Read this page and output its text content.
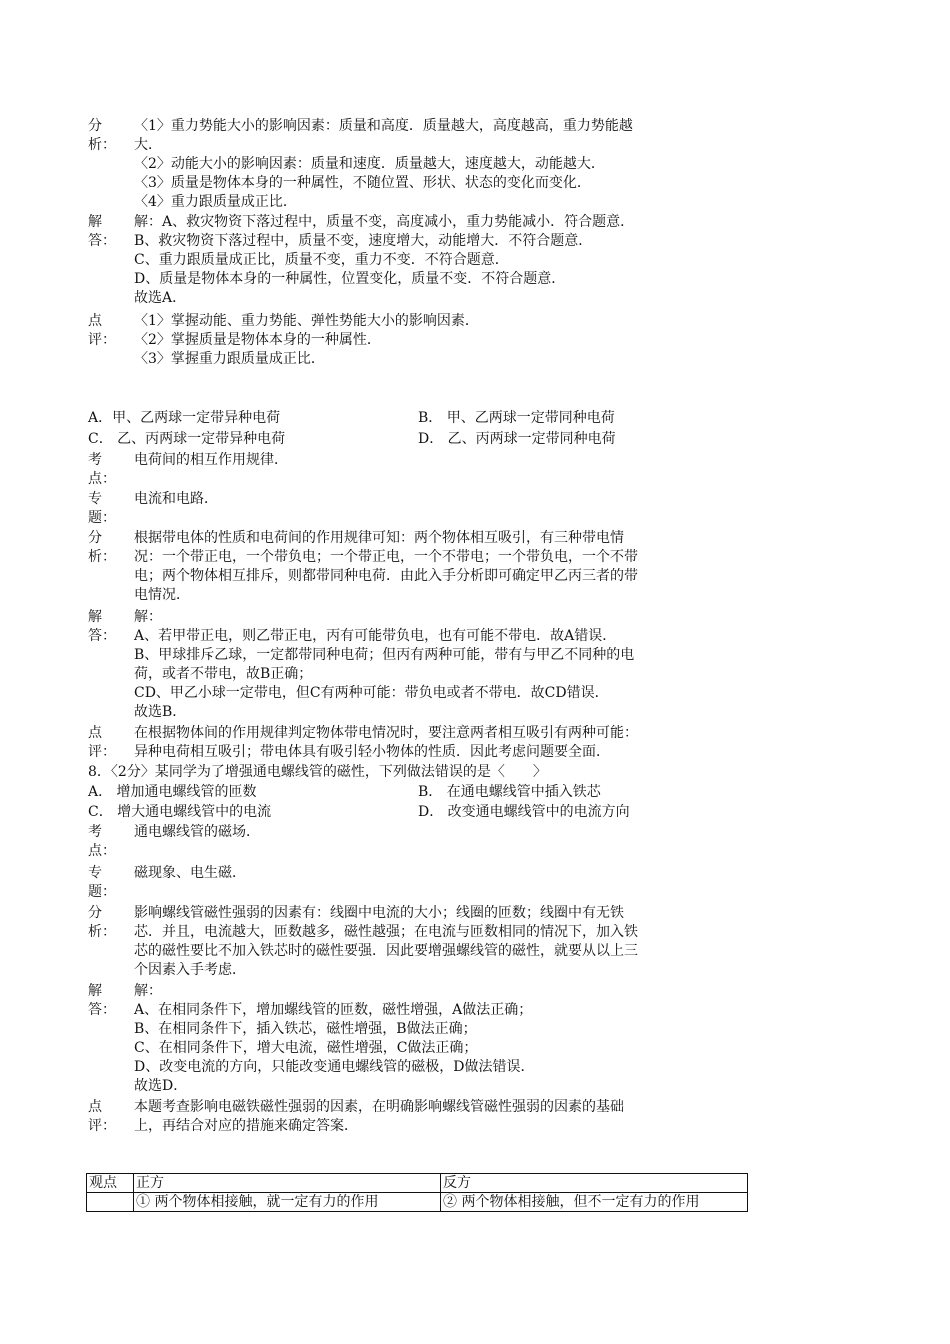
分
析：
〈1〉重力势能大小的影响因素：质量和高度．质量越大，高度越高，重力势能越
大．
〈2〉动能大小的影响因素：质量和速度．质量越大，速度越大，动能越大．
〈3〉质量是物体本身的一种属性，不随位置、形状、状态的变化而变化．
〈4〉重力跟质量成正比．
解
答：
解：A、救灾物资下落过程中，质量不变，高度减小，重力势能减小．符合题意．
B、救灾物资下落过程中，质量不变，速度增大，动能增大．不符合题意．
C、重力跟质量成正比，质量不变，重力不变．不符合题意．
D、质量是物体本身的一种属性，位置变化，质量不变．不符合题意．
故选A．
点
评：
〈1〉掌握动能、重力势能、弹性势能大小的影响因素．
〈2〉掌握质量是物体本身的一种属性．
〈3〉掌握重力跟质量成正比．
A．甲、乙两球一定带异种电荷	B． 甲、乙两球一定带同种电荷
C． 乙、丙两球一定带异种电荷	D． 乙、丙两球一定带同种电荷
考
点：
电荷间的相互作用规律．
专
题：
电流和电路．
分
析：
根据带电体的性质和电荷间的作用规律可知：两个物体相互吸引，有三种带电情
况：一个带正电，一个带负电；一个带正电，一个不带电；一个带负电，一个不带
电；两个物体相互排斥，则都带同种电荷．由此入手分析即可确定甲乙丙三者的带
电情况．
解
答：
解：
A、若甲带正电，则乙带正电，丙有可能带负电，也有可能不带电．故A错误．
B、甲球排斥乙球，一定都带同种电荷；但丙有两种可能，带有与甲乙不同种的电
荷，或者不带电，故B正确；
CD、甲乙小球一定带电，但C有两种可能：带负电或者不带电．故CD错误．
故选B．
点
评：
在根据物体间的作用规律判定物体带电情况时，要注意两者相互吸引有两种可能：
异种电荷相互吸引；带电体具有吸引轻小物体的性质．因此考虑问题要全面．
8．〈2分〉某同学为了增强通电螺线管的磁性，下列做法错误的是〈　　〉
A． 增加通电螺线管的匝数	B． 在通电螺线管中插入铁芯
C． 增大通电螺线管中的电流	D． 改变通电螺线管中的电流方向
考
点：
通电螺线管的磁场．
专
题：
磁现象、电生磁．
分
析：
影响螺线管磁性强弱的因素有：线圈中电流的大小；线圈的匝数；线圈中有无铁
芯．并且，电流越大，匝数越多，磁性越强；在电流与匝数相同的情况下，加入铁
芯的磁性要比不加入铁芯时的磁性要强．因此要增强螺线管的磁性，就要从以上三
个因素入手考虑．
解
答：
解：
A、在相同条件下，增加螺线管的匝数，磁性增强，A做法正确；
B、在相同条件下，插入铁芯，磁性增强，B做法正确；
C、在相同条件下，增大电流，磁性增强，C做法正确；
D、改变电流的方向，只能改变通电螺线管的磁极，D做法错误．
故选D．
点
评：
本题考查影响电磁铁磁性强弱的因素，在明确影响螺线管磁性强弱的因素的基础
上，再结合对应的措施来确定答案．
观点	正方	反方
	① 两个物体相接触，就一定有力的作用	② 两个物体相接触，但不一定有力的作用
